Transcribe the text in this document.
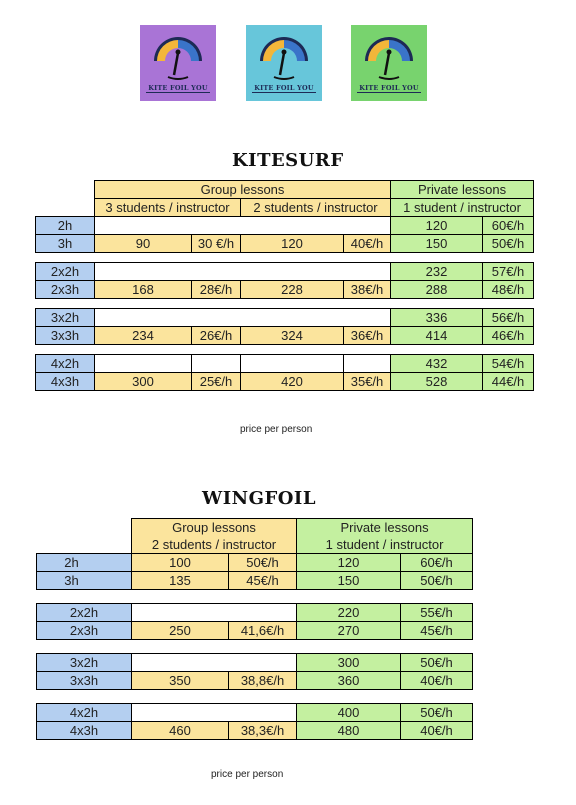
KITE FOIL YOU	KITE FOIL YOU	KITE FOIL YOU
KITESURF
	Group lessons				Private lessons	
	3 students / instructor		2 students / instructor		1 student / instructor	
2h					120	60€/h
3h	90	30 €/h	120	40€/h	150	50€/h

2x2h					232	57€/h
2x3h	168	28€/h	228	38€/h	288	48€/h

3x2h					336	56€/h
3x3h	234	26€/h	324	36€/h	414	46€/h

4x2h					432	54€/h
4x3h	300	25€/h	420	35€/h	528	44€/h
price per person
WINGFOIL
	Group lessons		Private lessons	
	2 students / instructor		1 student / instructor	
2h	100	50€/h	120	60€/h
3h	135	45€/h	150	50€/h

2x2h			220	55€/h
2x3h	250	41,6€/h	270	45€/h

3x2h			300	50€/h
3x3h	350	38,8€/h	360	40€/h

4x2h			400	50€/h
4x3h	460	38,3€/h	480	40€/h
price per person
